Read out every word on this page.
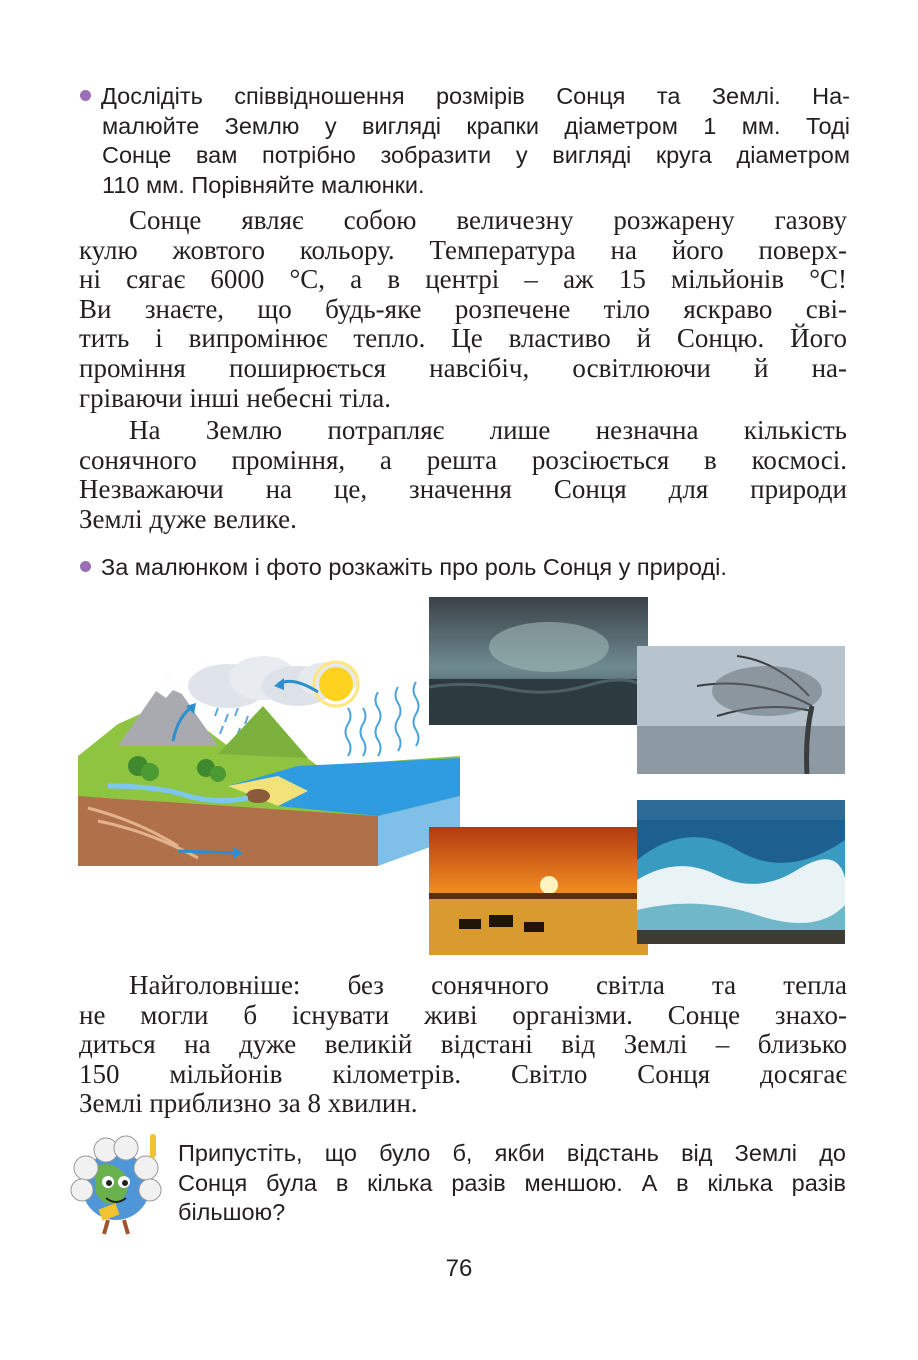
Дослідіть співвідношення розмірів Сонця та Землі. На-
малюйте Землю у вигляді крапки діаметром 1 мм. Тоді
Сонце вам потрібно зобразити у вигляді круга діаметром
110 мм. Порівняйте малюнки.
Сонце являє собою величезну розжарену газову
кулю жовтого кольору. Температура на його поверх-
ні сягає 6000 °С, а в центрі – аж 15 мільйонів °С!
Ви знаєте, що будь-яке розпечене тіло яскраво сві-
тить і випромінює тепло. Це властиво й Сонцю. Його
проміння поширюється навсібіч, освітлюючи й на-
гріваючи інші небесні тіла.
На Землю потрапляє лише незначна кількість
сонячного проміння, а решта розсіюється в космосі.
Незважаючи на це, значення Сонця для природи
Землі дуже велике.
За малюнком і фото розкажіть про роль Сонця у природі.
Найголовніше: без сонячного світла та тепла
не могли б існувати живі організми. Сонце знахо-
диться на дуже великій відстані від Землі – близько
150 мільйонів кілометрів. Світло Сонця досягає
Землі приблизно за 8 хвилин.
Припустіть, що було б, якби відстань від Землі до
Сонця була в кілька разів меншою. А в кілька разів
більшою?
76
